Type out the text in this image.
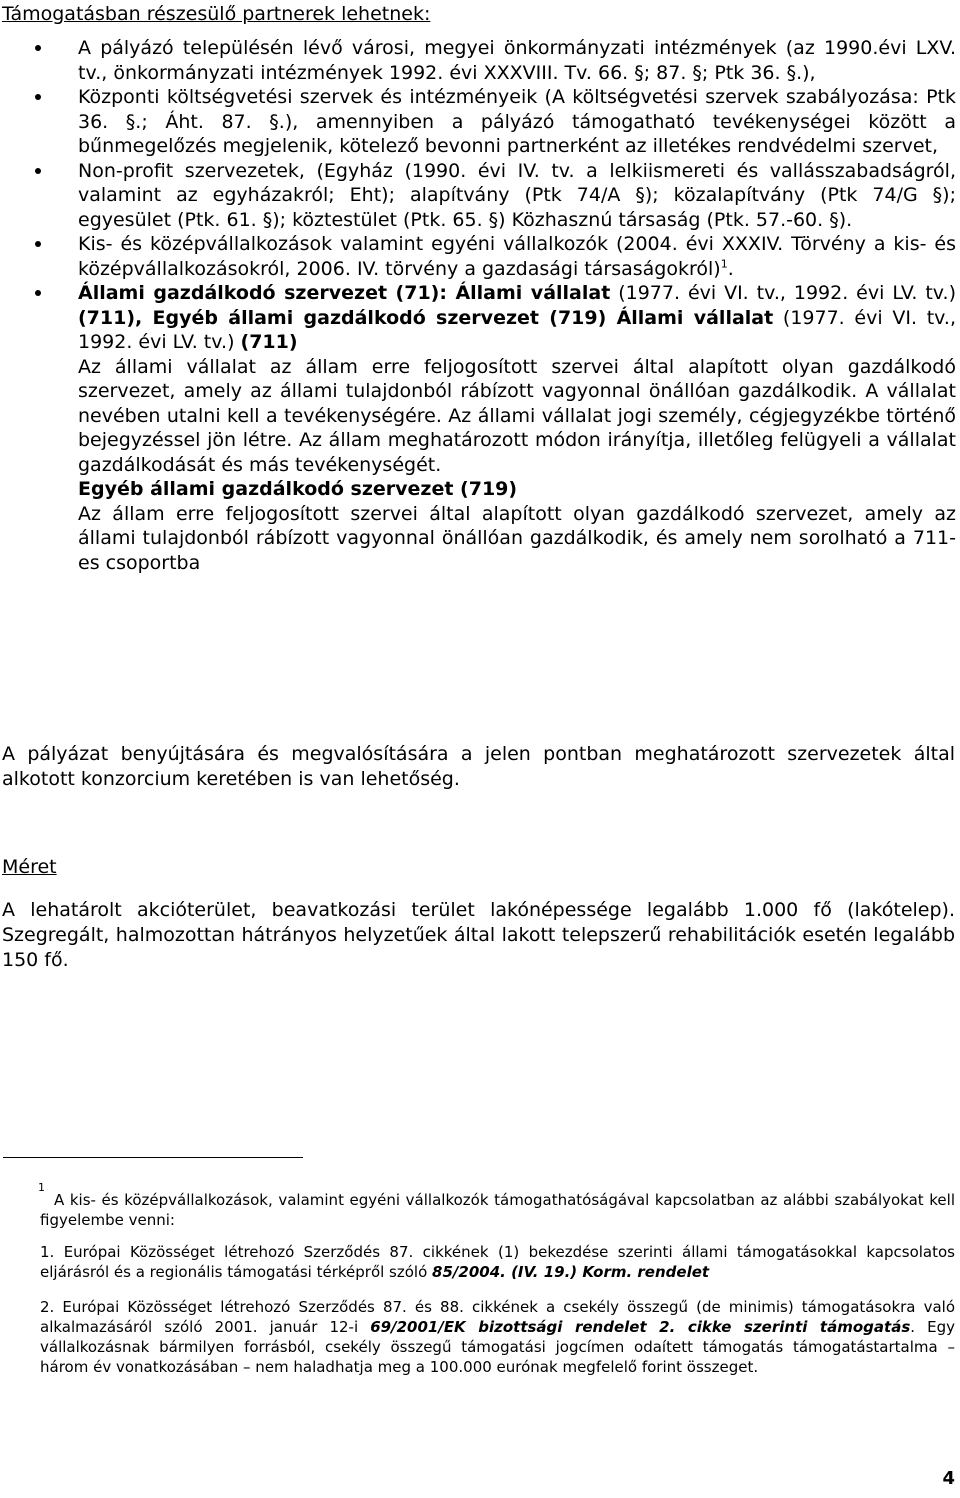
Támogatásban részesülő partnerek lehetnek:

A pályázó településén lévő városi, megyei önkormányzati intézmények (az 1990.évi LXV. tv., önkormányzati intézmények 1992. évi XXXVIII. Tv. 66. §; 87. §; Ptk 36. §.),

Központi költségvetési szervek és intézményeik (A költségvetési szervek szabályozása: Ptk 36. §.; Áht. 87. §.), amennyiben a pályázó támogatható tevékenységei között a bűnmegelőzés megjelenik, kötelező bevonni partnerként az illetékes rendvédelmi szervet,

Non-profit szervezetek, (Egyház (1990. évi IV. tv. a lelkiismereti és vallásszabadságról, valamint az egyházakról; Eht); alapítvány (Ptk 74/A §); közalapítvány (Ptk 74/G §); egyesület (Ptk. 61. §); köztestület (Ptk. 65. §) Közhasznú társaság (Ptk. 57.-60. §).

Kis- és középvállalkozások valamint egyéni vállalkozók (2004. évi XXXIV. Törvény a kis- és középvállalkozásokról, 2006. IV. törvény a gazdasági társaságokról)$^1$.

Állami gazdálkodó szervezet (71): Állami vállalat (1977. évi VI. tv., 1992. évi LV. tv.) (711), Egyéb állami gazdálkodó szervezet (719) Állami vállalat (1977. évi VI. tv., 1992. évi LV. tv.) (711)

Az állami vállalat az állam erre feljogosított szervei által alapított olyan gazdálkodó szervezet, amely az állami tulajdonból rábízott vagyonnal önállóan gazdálkodik. A vállalat nevében utalni kell a tevékenységére. Az állami vállalat jogi személy, cégjegyzékbe történő bejegyzéssel jön létre. Az állam meghatározott módon irányítja, illetőleg felügyeli a vállalat gazdálkodását és más tevékenységét.

Egyéb állami gazdálkodó szervezet (719)

Az állam erre feljogosított szervei által alapított olyan gazdálkodó szervezet, amely az állami tulajdonból rábízott vagyonnal önállóan gazdálkodik, és amely nem sorolható a 711-es csoportba

A pályázat benyújtására és megvalósítására a jelen pontban meghatározott szervezetek által alkotott konzorcium keretében is van lehetőség.

Méret

A lehatárolt akcióterület, beavatkozási terület lakónépessége legalább 1.000 fő (lakótelep). Szegregált, halmozottan hátrányos helyzetűek által lakott telepszerű rehabilitációk esetén legalább 150 fő.

1
A kis- és középvállalkozások, valamint egyéni vállalkozók támogathatóságával kapcsolatban az alábbi szabályokat kell figyelembe venni:

1. Európai Közösséget létrehozó Szerződés 87. cikkének (1) bekezdése szerinti állami támogatásokkal kapcsolatos eljárásról és a regionális támogatási térképről szóló 85/2004. (IV. 19.) Korm. rendelet

2. Európai Közösséget létrehozó Szerződés 87. és 88. cikkének a csekély összegű (de minimis) támogatásokra való alkalmazásáról szóló 2001. január 12-i 69/2001/EK bizottsági rendelet 2. cikke szerinti támogatás. Egy vállalkozásnak bármilyen forrásból, csekély összegű támogatási jogcímen odaített támogatás támogatástartalma – három év vonatkozásában – nem haladhatja meg a 100.000 eurónak megfelelő forint összeget.

4
